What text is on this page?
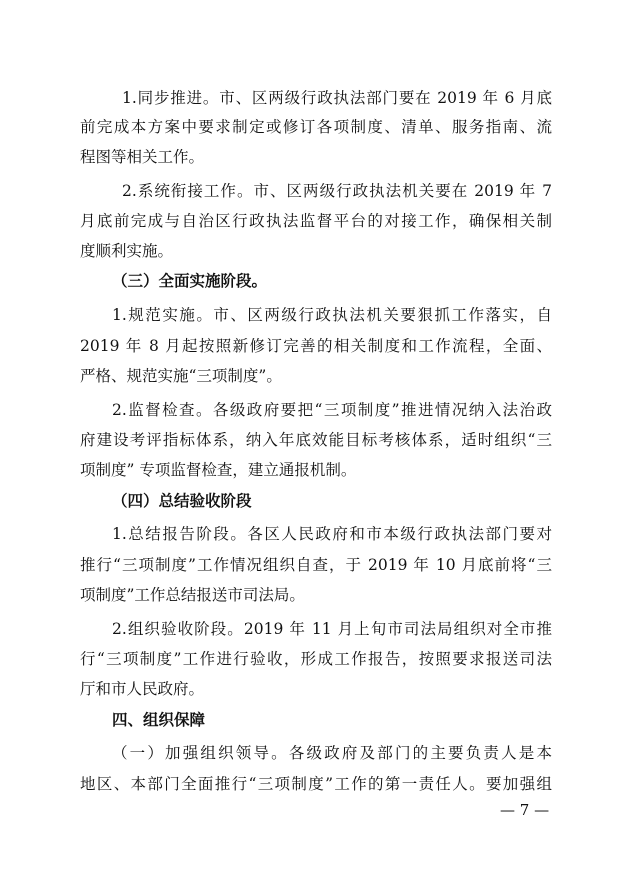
1.同步推进。市、区两级行政执法部门要在 2019 年 6 月底
前完成本方案中要求制定或修订各项制度、清单、服务指南、流
程图等相关工作。
2.系统衔接工作。市、区两级行政执法机关要在 2019 年 7
月底前完成与自治区行政执法监督平台的对接工作，确保相关制
度顺利实施。
（三）全面实施阶段。
1.规范实施。市、区两级行政执法机关要狠抓工作落实，自
2019 年 8 月起按照新修订完善的相关制度和工作流程，全面、
严格、规范实施“三项制度”。
2.监督检查。各级政府要把“三项制度”推进情况纳入法治政
府建设考评指标体系，纳入年底效能目标考核体系，适时组织“三
项制度” 专项监督检查，建立通报机制。
（四）总结验收阶段
1.总结报告阶段。各区人民政府和市本级行政执法部门要对
推行“三项制度”工作情况组织自查，于 2019 年 10 月底前将“三
项制度”工作总结报送市司法局。
2.组织验收阶段。2019 年 11 月上旬市司法局组织对全市推
行“三项制度”工作进行验收，形成工作报告，按照要求报送司法
厅和市人民政府。
四、组织保障
（一）加强组织领导。各级政府及部门的主要负责人是本
地区、本部门全面推行“三项制度”工作的第一责任人。要加强组
— 7 —
